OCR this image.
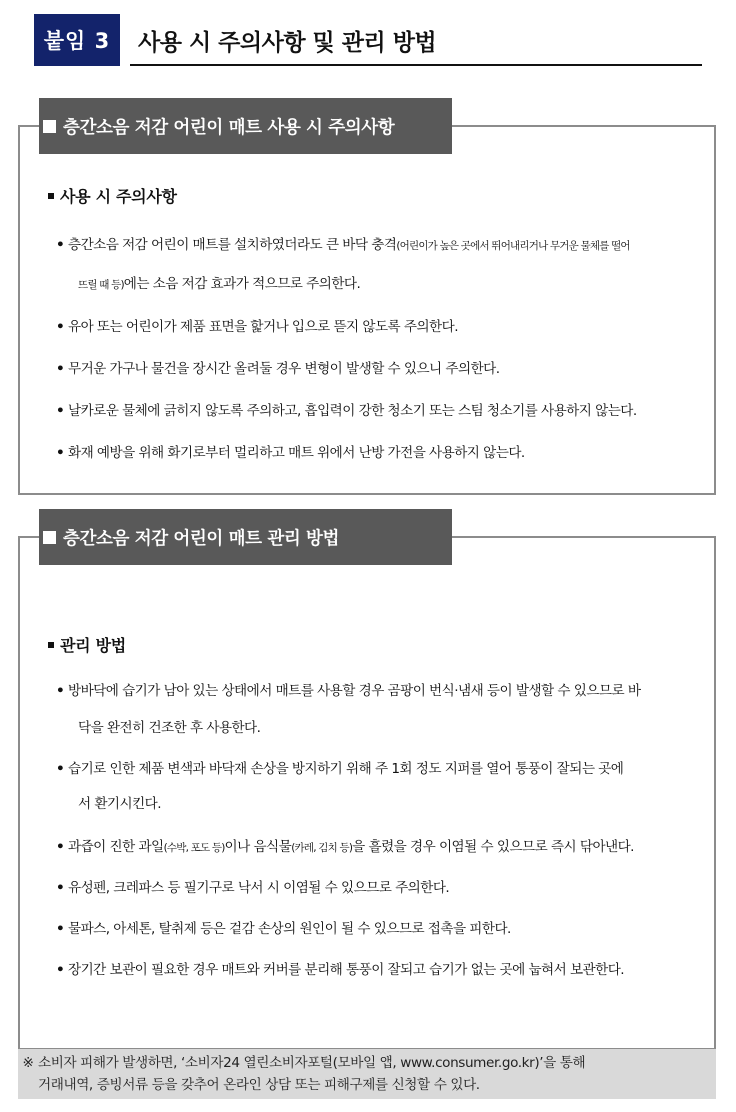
붙임 3	사용 시 주의사항 및 관리 방법
층간소음 저감 어린이 매트 사용 시 주의사항
사용 시 주의사항
• 층간소음 저감 어린이 매트를 설치하였더라도 큰 바닥 충격(어린이가 높은 곳에서 뛰어내리거나 무거운 물체를 떨어
뜨릴 때 등)에는 소음 저감 효과가 적으므로 주의한다.
• 유아 또는 어린이가 제품 표면을 핥거나 입으로 뜯지 않도록 주의한다.
• 무거운 가구나 물건을 장시간 올려둘 경우 변형이 발생할 수 있으니 주의한다.
• 날카로운 물체에 긁히지 않도록 주의하고, 흡입력이 강한 청소기 또는 스팀 청소기를 사용하지 않는다.
• 화재 예방을 위해 화기로부터 멀리하고 매트 위에서 난방 가전을 사용하지 않는다.
층간소음 저감 어린이 매트 관리 방법
관리 방법
• 방바닥에 습기가 남아 있는 상태에서 매트를 사용할 경우 곰팡이 번식·냄새 등이 발생할 수 있으므로 바
닥을 완전히 건조한 후 사용한다.
• 습기로 인한 제품 변색과 바닥재 손상을 방지하기 위해 주 1회 정도 지퍼를 열어 통풍이 잘되는 곳에
서 환기시킨다.
• 과즙이 진한 과일(수박, 포도 등)이나 음식물(카레, 김치 등)을 흘렸을 경우 이염될 수 있으므로 즉시 닦아낸다.
• 유성펜, 크레파스 등 필기구로 낙서 시 이염될 수 있으므로 주의한다.
• 물파스, 아세톤, 탈취제 등은 겉감 손상의 원인이 될 수 있으므로 접촉을 피한다.
• 장기간 보관이 필요한 경우 매트와 커버를 분리해 통풍이 잘되고 습기가 없는 곳에 눕혀서 보관한다.
※ 소비자 피해가 발생하면, ‘소비자24 열린소비자포털(모바일 앱, www.consumer.go.kr)’을 통해
거래내역, 증빙서류 등을 갖추어 온라인 상담 또는 피해구제를 신청할 수 있다.
